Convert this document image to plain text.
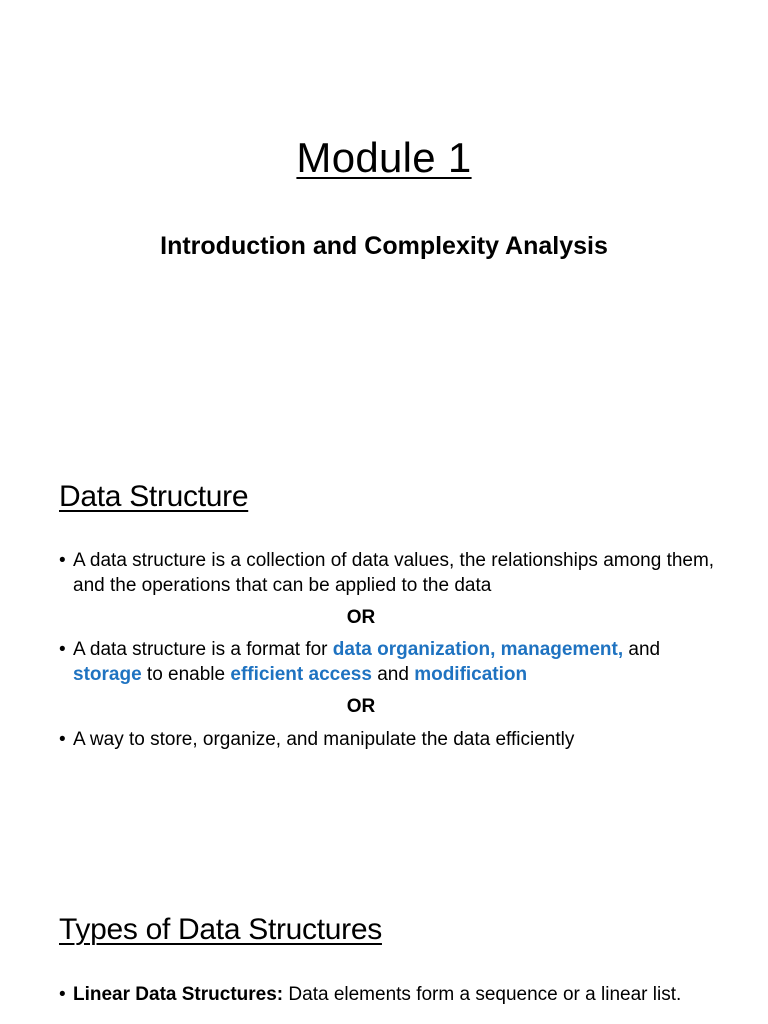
Module 1
Introduction and Complexity Analysis
Data Structure
•
A data structure is a collection of data values, the relationships among them, and the operations that can be applied to the data
OR
•
A data structure is a format for data organization, management, and storage to enable efficient access and modification
OR
•
A way to store, organize, and manipulate the data efficiently
Types of Data Structures
•
Linear Data Structures: Data elements form a sequence or a linear list.
